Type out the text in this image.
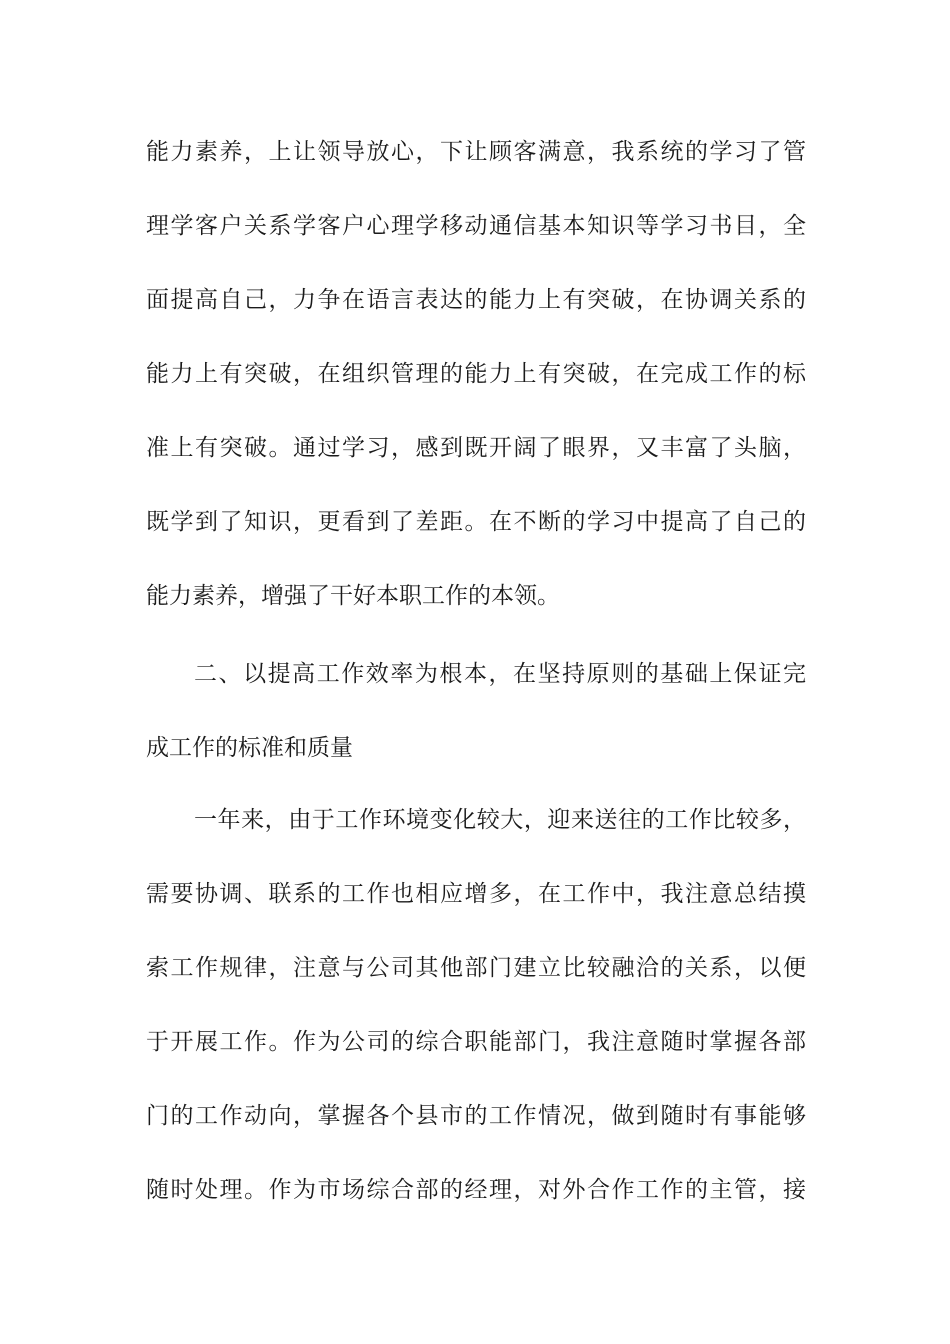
能力素养，上让领导放心，下让顾客满意，我系统的学习了管
理学客户关系学客户心理学移动通信基本知识等学习书目，全
面提高自己，力争在语言表达的能力上有突破，在协调关系的
能力上有突破，在组织管理的能力上有突破，在完成工作的标
准上有突破。通过学习，感到既开阔了眼界，又丰富了头脑，
既学到了知识，更看到了差距。在不断的学习中提高了自己的
能力素养，增强了干好本职工作的本领。
二、以提高工作效率为根本，在坚持原则的基础上保证完
成工作的标准和质量
一年来，由于工作环境变化较大，迎来送往的工作比较多，
需要协调、联系的工作也相应增多，在工作中，我注意总结摸
索工作规律，注意与公司其他部门建立比较融洽的关系，以便
于开展工作。作为公司的综合职能部门，我注意随时掌握各部
门的工作动向，掌握各个县市的工作情况，做到随时有事能够
随时处理。作为市场综合部的经理，对外合作工作的主管，接
